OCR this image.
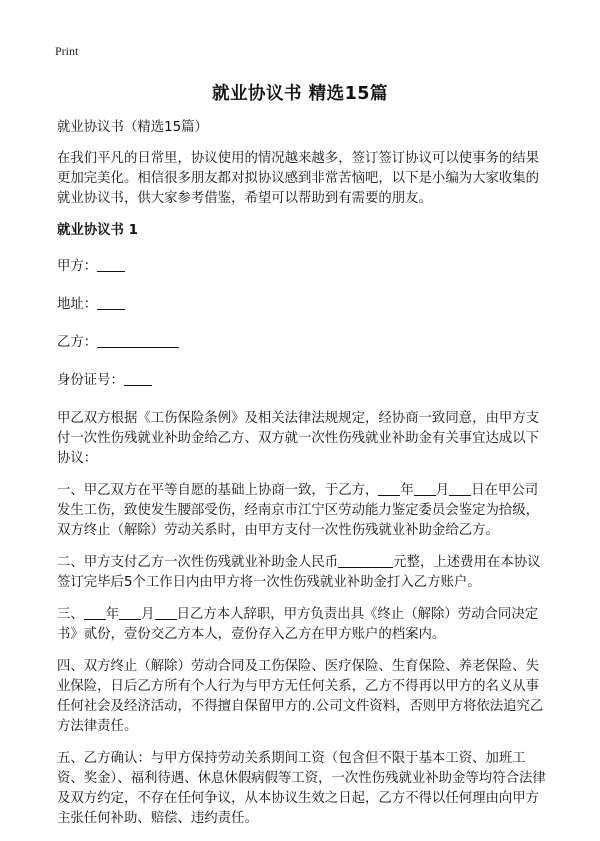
Print
就业协议书 精选15篇

就业协议书（精选15篇）

在我们平凡的日常里，协议使用的情况越来越多，签订签订协议可以使事务的结果更加完美化。相信很多朋友都对拟协议感到非常苦恼吧，以下是小编为大家收集的就业协议书，供大家参考借鉴，希望可以帮助到有需要的朋友。

就业协议书 1

甲方：

地址：

乙方：

身份证号：

甲乙双方根据《工伤保险条例》及相关法律法规规定，经协商一致同意，由甲方支付一次性伤残就业补助金给乙方、双方就一次性伤残就业补助金有关事宜达成以下协议：

一、甲乙双方在平等自愿的基础上协商一致，于乙方， 年 月 日在甲公司发生工伤，致使发生腰部受伤，经南京市江宁区劳动能力鉴定委员会鉴定为拾级，双方终止（解除）劳动关系时，由甲方支付一次性伤残就业补助金给乙方。

二、甲方支付乙方一次性伤残就业补助金人民币	元整，上述费用在本协议签订完毕后5个工作日内由甲方将一次性伤残就业补助金打入乙方账户。

三、 年 月 日乙方本人辞职，甲方负责出具《终止（解除）劳动合同决定书》贰份，壹份交乙方本人，壹份存入乙方在甲方账户的档案内。

四、双方终止（解除）劳动合同及工伤保险、医疗保险、生育保险、养老保险、失业保险，日后乙方所有个人行为与甲方无任何关系，乙方不得再以甲方的名义从事任何社会及经济活动，不得擅自保留甲方的.公司文件资料，否则甲方将依法追究乙方法律责任。

五、乙方确认：与甲方保持劳动关系期间工资（包含但不限于基本工资、加班工资、奖金）、福利待遇、休息休假病假等工资，一次性伤残就业补助金等均符合法律及双方约定，不存在任何争议，从本协议生效之日起，乙方不得以任何理由向甲方主张任何补助、赔偿、违约责任。
